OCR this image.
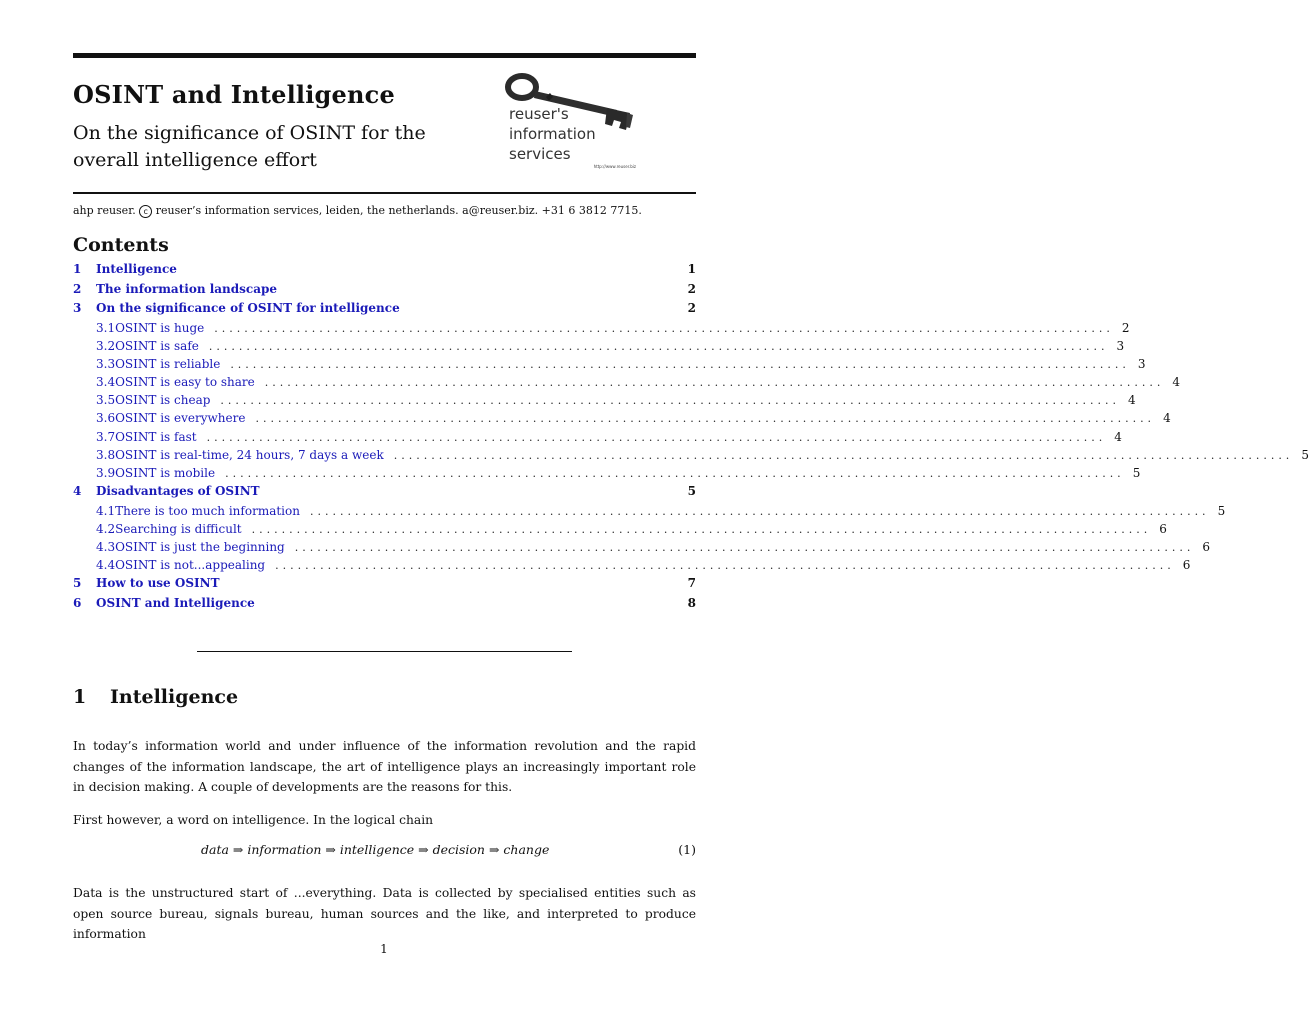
OSINT and Intelligence
On the significance of OSINT for the overall intelligence effort
reuser's
information
services
http://www.reuser.biz
ahp reuser. c reuser’s information services, leiden, the netherlands. a@reuser.biz. +31 6 3812 7715.
Contents
1	Intelligence	1
2	The information landscape	2
3	On the significance of OSINT for intelligence	2
3.1 OSINT is huge ........................................................................................................................ 2
3.2 OSINT is safe ........................................................................................................................ 3
3.3 OSINT is reliable ........................................................................................................................ 3
3.4 OSINT is easy to share ........................................................................................................................ 4
3.5 OSINT is cheap ........................................................................................................................ 4
3.6 OSINT is everywhere ........................................................................................................................ 4
3.7 OSINT is fast ........................................................................................................................ 4
3.8 OSINT is real-time, 24 hours, 7 days a week ........................................................................................................................ 5
3.9 OSINT is mobile ........................................................................................................................ 5
4	Disadvantages of OSINT	5
4.1 There is too much information ........................................................................................................................ 5
4.2 Searching is difficult ........................................................................................................................ 6
4.3 OSINT is just the beginning ........................................................................................................................ 6
4.4 OSINT is not...appealing ........................................................................................................................ 6
5	How to use OSINT	7
6	OSINT and Intelligence	8
1 Intelligence
In today’s information world and under influence of the information revolution and the rapid changes of the information landscape, the art of intelligence plays an increasingly important role in decision making. A couple of developments are the reasons for this.
First however, a word on intelligence. In the logical chain
data ⇒ information ⇒ intelligence ⇒ decision ⇒ change	(1)
Data is the unstructured start of ...everything. Data is collected by specialised entities such as open source bureau, signals bureau, human sources and the like, and interpreted to produce information
1
